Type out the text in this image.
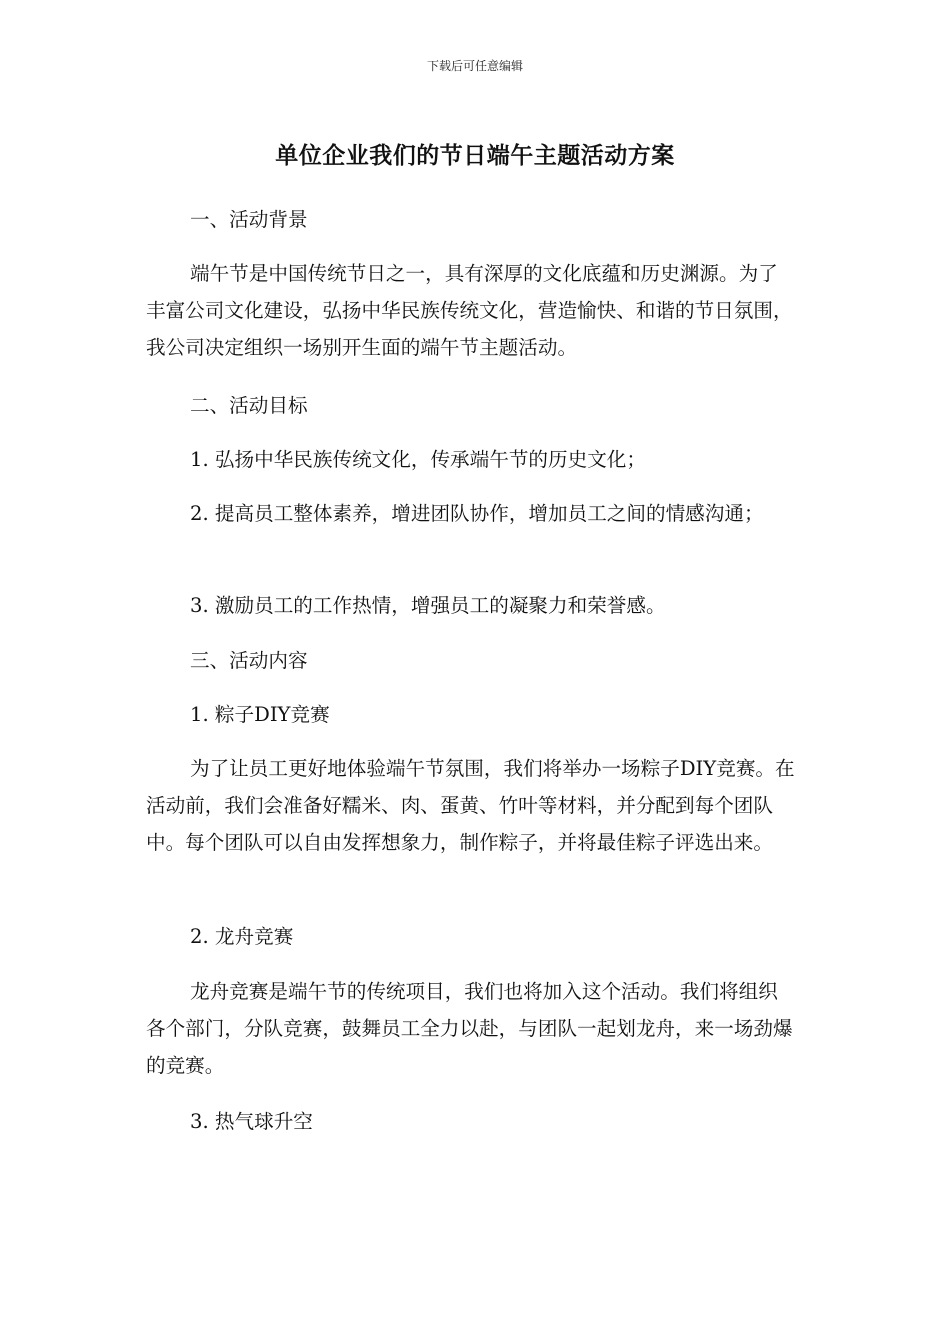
下载后可任意编辑
单位企业我们的节日端午主题活动方案
一、活动背景
端午节是中国传统节日之一，具有深厚的文化底蕴和历史渊源。为了丰富公司文化建设，弘扬中华民族传统文化，营造愉快、和谐的节日氛围，我公司决定组织一场别开生面的端午节主题活动。
二、活动目标
1. 弘扬中华民族传统文化，传承端午节的历史文化；
2. 提高员工整体素养，增进团队协作，增加员工之间的情感沟通；
3. 激励员工的工作热情，增强员工的凝聚力和荣誉感。
三、活动内容
1. 粽子DIY竞赛
为了让员工更好地体验端午节氛围，我们将举办一场粽子DIY竞赛。在活动前，我们会准备好糯米、肉、蛋黄、竹叶等材料，并分配到每个团队中。每个团队可以自由发挥想象力，制作粽子，并将最佳粽子评选出来。
2. 龙舟竞赛
龙舟竞赛是端午节的传统项目，我们也将加入这个活动。我们将组织各个部门，分队竞赛，鼓舞员工全力以赴，与团队一起划龙舟，来一场劲爆的竞赛。
3. 热气球升空
